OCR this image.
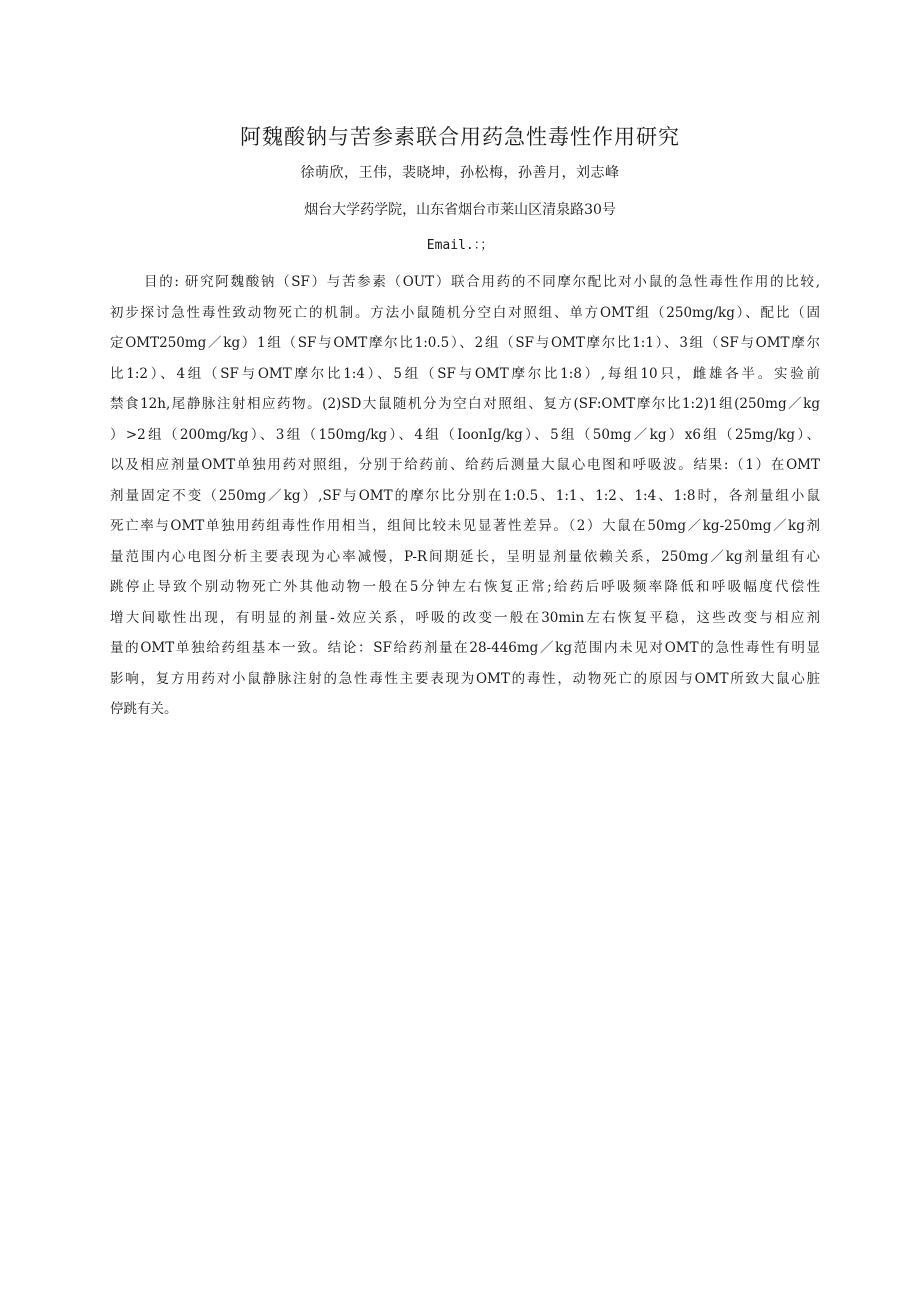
阿魏酸钠与苦参素联合用药急性毒性作用研究
徐萌欣，王伟，裴晓坤，孙松梅，孙善月，刘志峰
烟台大学药学院，山东省烟台市莱山区清泉路30号
Email.：；
目的: 研究阿魏酸钠（SF）与苦参素（OUT）联合用药的不同摩尔配比对小鼠的急性毒性作用的比较,
初步探讨急性毒性致动物死亡的机制。方法小鼠随机分空白对照组、单方OMT组（250mg/kg）、配比（固
定OMT250mg／kg）1组（SF与OMT摩尔比1:0.5）、2组（SF与OMT摩尔比1:1）、3组（SF与OMT摩尔
比1:2）、4组（SF与OMT摩尔比1:4）、5组（SF与OMT摩尔比1:8）,每组10只，雌雄各半。实验前
禁食12h,尾静脉注射相应药物。(2)SD大鼠随机分为空白对照组、复方(SF:OMT摩尔比1:2)1组(250mg／kg
）>2组（200mg/kg）、3组（150mg/kg）、4组（IoonIg/kg）、5组（50mg／kg）x6组（25mg/kg）、
以及相应剂量OMT单独用药对照组，分别于给药前、给药后测量大鼠心电图和呼吸波。结果:（1）在OMT
剂量固定不变（250mg／kg）,SF与OMT的摩尔比分别在1:0.5、1:1、1:2、1:4、1:8时，各剂量组小鼠
死亡率与OMT单独用药组毒性作用相当，组间比较未见显著性差异。（2）大鼠在50mg／kg-250mg／kg剂
量范围内心电图分析主要表现为心率减慢，P-R间期延长，呈明显剂量依赖关系，250mg／kg剂量组有心
跳停止导致个别动物死亡外其他动物一般在5分钟左右恢复正常;给药后呼吸频率降低和呼吸幅度代偿性
增大间歇性出现，有明显的剂量-效应关系，呼吸的改变一般在30min左右恢复平稳，这些改变与相应剂
量的OMT单独给药组基本一致。结论：SF给药剂量在28-446mg／kg范围内未见对OMT的急性毒性有明显
影响，复方用药对小鼠静脉注射的急性毒性主要表现为OMT的毒性，动物死亡的原因与OMT所致大鼠心脏
停跳有关。
